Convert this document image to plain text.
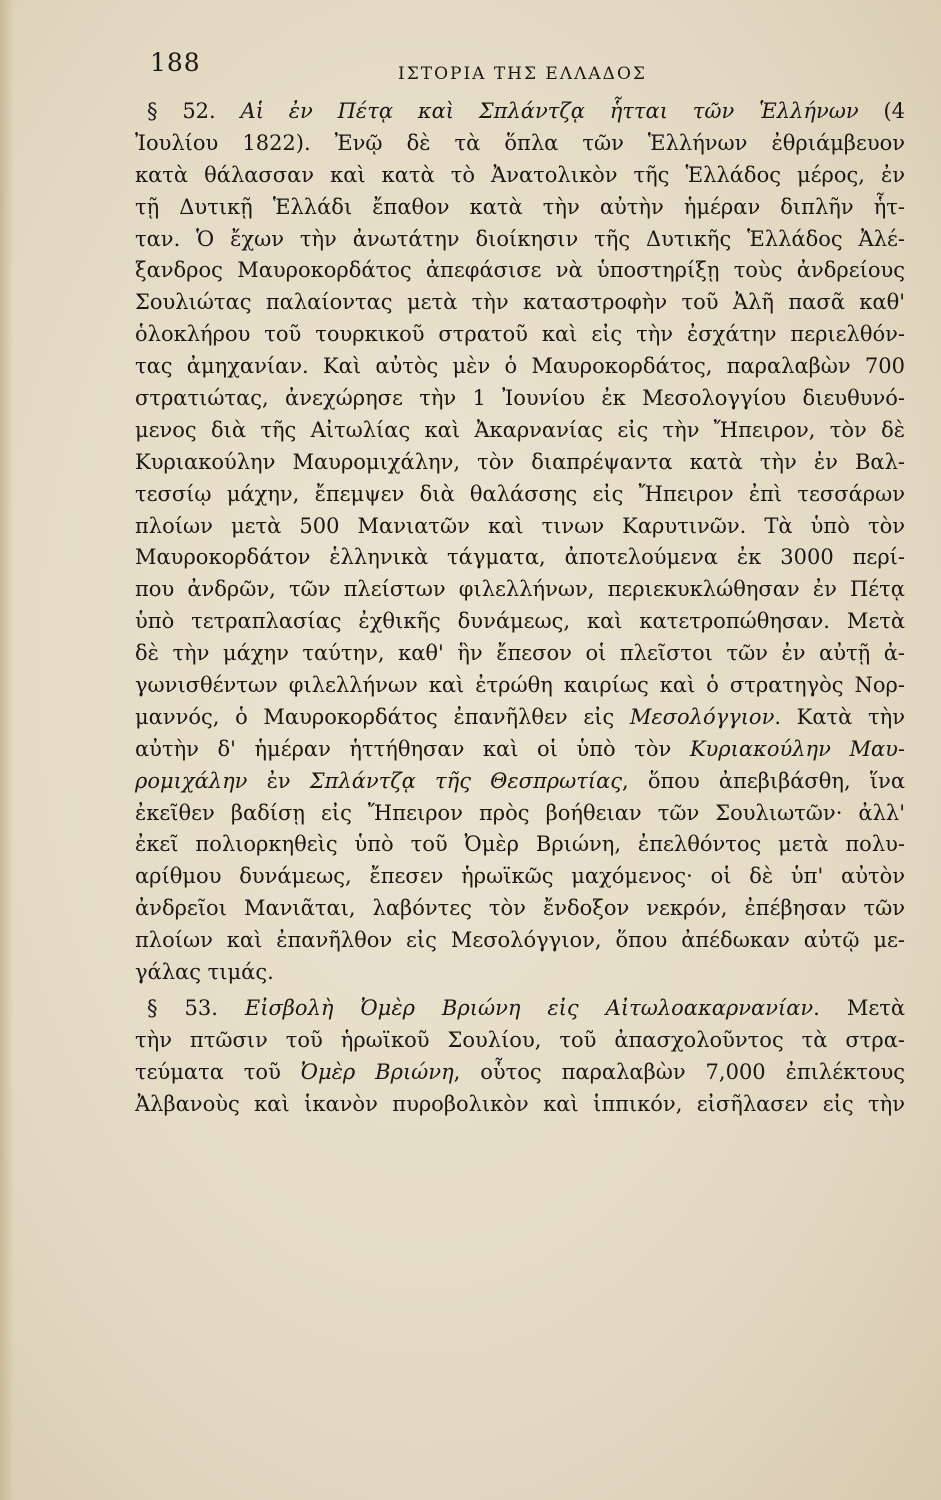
188	ΙΣΤΟΡΙΑ ΤΗΣ ΕΛΛΑΔΟΣ
§ 52. Αἱ ἐν Πέτᾳ καὶ Σπλάντζᾳ ἧτται τῶν Ἑλλήνων (4
Ἰουλίου 1822). Ἐνῷ δὲ τὰ ὅπλα τῶν Ἑλλήνων ἐθριάμβευον
κατὰ θάλασσαν καὶ κατὰ τὸ Ἀνατολικὸν τῆς Ἑλλάδος μέρος, ἐν
τῇ Δυτικῇ Ἑλλάδι ἔπαθον κατὰ τὴν αὐτὴν ἡμέραν διπλῆν ἧτ-
ταν. Ὁ ἔχων τὴν ἀνωτάτην διοίκησιν τῆς Δυτικῆς Ἑλλάδος Ἀλέ-
ξανδρος Μαυροκορδάτος ἀπεφάσισε νὰ ὑποστηρίξῃ τοὺς ἀνδρείους
Σουλιώτας παλαίοντας μετὰ τὴν καταστροφὴν τοῦ Ἀλῆ πασᾶ καθ'
ὁλοκλήρου τοῦ τουρκικοῦ στρατοῦ καὶ εἰς τὴν ἐσχάτην περιελθόν-
τας ἀμηχανίαν. Καὶ αὐτὸς μὲν ὁ Μαυροκορδάτος, παραλαβὼν 700
στρατιώτας, ἀνεχώρησε τὴν 1 Ἰουνίου ἐκ Μεσολογγίου διευθυνό-
μενος διὰ τῆς Αἰτωλίας καὶ Ἀκαρνανίας εἰς τὴν Ἤπειρον, τὸν δὲ
Κυριακούλην Μαυρομιχάλην, τὸν διαπρέψαντα κατὰ τὴν ἐν Βαλ-
τεσσίῳ μάχην, ἔπεμψεν διὰ θαλάσσης εἰς Ἤπειρον ἐπὶ τεσσάρων
πλοίων μετὰ 500 Μανιατῶν καὶ τινων Καρυτινῶν. Τὰ ὑπὸ τὸν
Μαυροκορδάτον ἑλληνικὰ τάγματα, ἀποτελούμενα ἐκ 3000 περί-
που ἀνδρῶν, τῶν πλείστων φιλελλήνων, περιεκυκλώθησαν ἐν Πέτᾳ
ὑπὸ τετραπλασίας ἐχθικῆς δυνάμεως, καὶ κατετροπώθησαν. Μετὰ
δὲ τὴν μάχην ταύτην, καθ' ἣν ἔπεσον οἱ πλεῖστοι τῶν ἐν αὐτῇ ἀ-
γωνισθέντων φιλελλήνων καὶ ἐτρώθη καιρίως καὶ ὁ στρατηγὸς Νορ-
μαννός, ὁ Μαυροκορδάτος ἐπανῆλθεν εἰς Μεσολόγγιον. Κατὰ τὴν
αὐτὴν δ' ἡμέραν ἡττήθησαν καὶ οἱ ὑπὸ τὸν Κυριακούλην Μαυ-
ρομιχάλην ἐν Σπλάντζᾳ τῆς Θεσπρωτίας, ὅπου ἀπεβιβάσθη, ἵνα
ἐκεῖθεν βαδίσῃ εἰς Ἤπειρον πρὸς βοήθειαν τῶν Σουλιωτῶν· ἀλλ'
ἐκεῖ πολιορκηθεὶς ὑπὸ τοῦ Ὀμὲρ Βριώνη, ἐπελθόντος μετὰ πολυ-
αρίθμου δυνάμεως, ἔπεσεν ἡρωϊκῶς μαχόμενος· οἱ δὲ ὑπ' αὐτὸν
ἀνδρεῖοι Μανιᾶται, λαβόντες τὸν ἔνδοξον νεκρόν, ἐπέβησαν τῶν
πλοίων καὶ ἐπανῆλθον εἰς Μεσολόγγιον, ὅπου ἀπέδωκαν αὐτῷ με-
γάλας τιμάς.
§ 53. Εἰσβολὴ Ὀμὲρ Βριώνη εἰς Αἰτωλοακαρνανίαν. Μετὰ
τὴν πτῶσιν τοῦ ἡρωϊκοῦ Σουλίου, τοῦ ἀπασχολοῦντος τὰ στρα-
τεύματα τοῦ Ὀμὲρ Βριώνη, οὗτος παραλαβὼν 7,000 ἐπιλέκτους
Ἀλβανοὺς καὶ ἱκανὸν πυροβολικὸν καὶ ἱππικόν, εἰσῆλασεν εἰς τὴν
